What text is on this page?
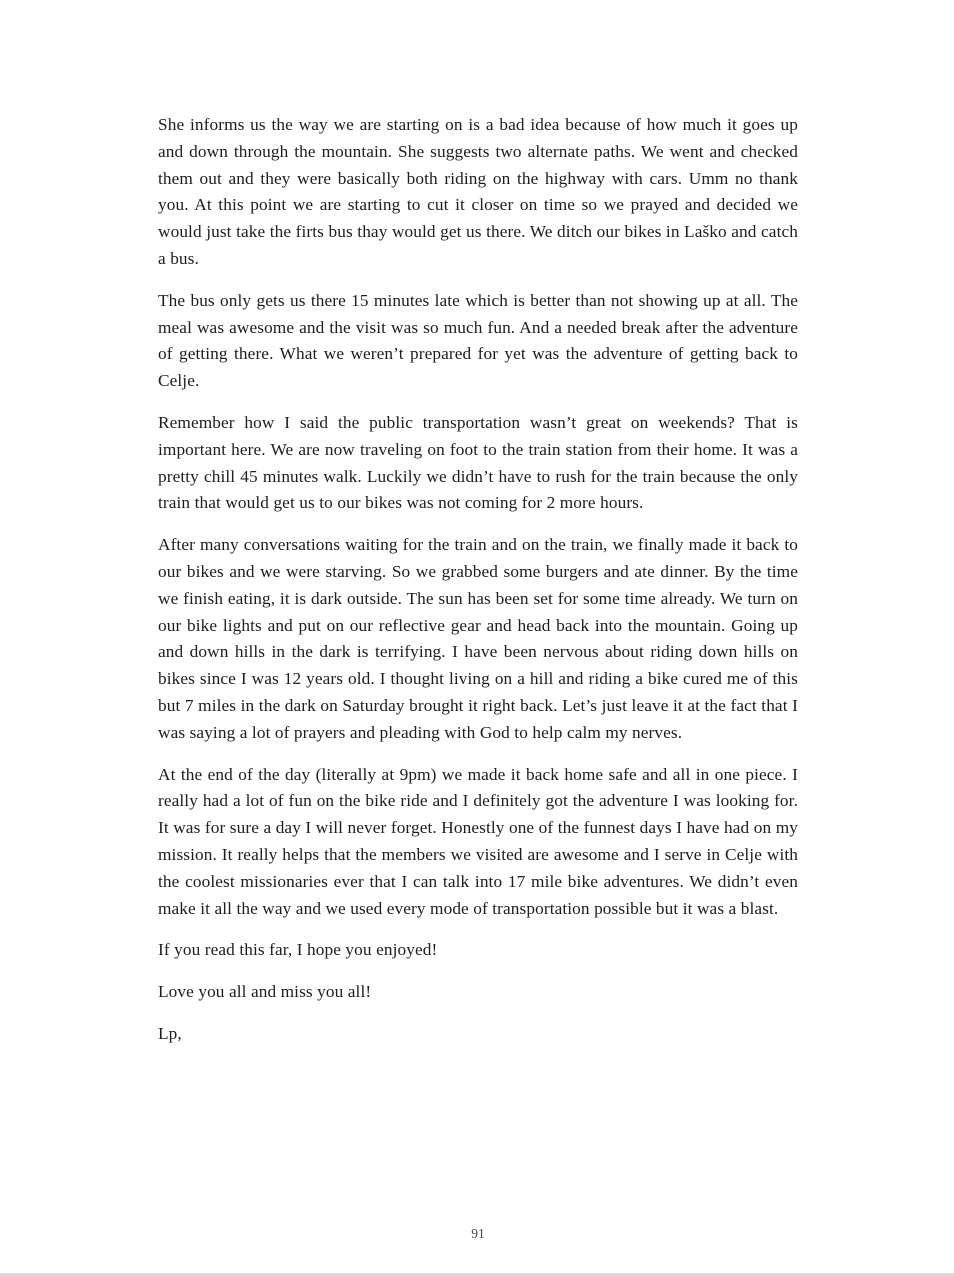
She informs us the way we are starting on is a bad idea because of how much it goes up and down through the mountain. She suggests two alternate paths. We went and checked them out and they were basically both riding on the highway with cars. Umm no thank you. At this point we are starting to cut it closer on time so we prayed and decided we would just take the firts bus thay would get us there. We ditch our bikes in Laško and catch a bus.

The bus only gets us there 15 minutes late which is better than not showing up at all. The meal was awesome and the visit was so much fun. And a needed break after the adventure of getting there. What we weren’t prepared for yet was the adventure of getting back to Celje.

Remember how I said the public transportation wasn’t great on weekends? That is important here. We are now traveling on foot to the train station from their home. It was a pretty chill 45 minutes walk. Luckily we didn’t have to rush for the train because the only train that would get us to our bikes was not coming for 2 more hours.

After many conversations waiting for the train and on the train, we finally made it back to our bikes and we were starving. So we grabbed some burgers and ate dinner. By the time we finish eating, it is dark outside. The sun has been set for some time already. We turn on our bike lights and put on our reflective gear and head back into the mountain. Going up and down hills in the dark is terrifying. I have been nervous about riding down hills on bikes since I was 12 years old. I thought living on a hill and riding a bike cured me of this but 7 miles in the dark on Saturday brought it right back. Let’s just leave it at the fact that I was saying a lot of prayers and pleading with God to help calm my nerves.

At the end of the day (literally at 9pm) we made it back home safe and all in one piece. I really had a lot of fun on the bike ride and I definitely got the adventure I was looking for. It was for sure a day I will never forget. Honestly one of the funnest days I have had on my mission. It really helps that the members we visited are awesome and I serve in Celje with the coolest missionaries ever that I can talk into 17 mile bike adventures. We didn’t even make it all the way and we used every mode of transportation possible but it was a blast.

If you read this far, I hope you enjoyed!

Love you all and miss you all!

Lp,

91
